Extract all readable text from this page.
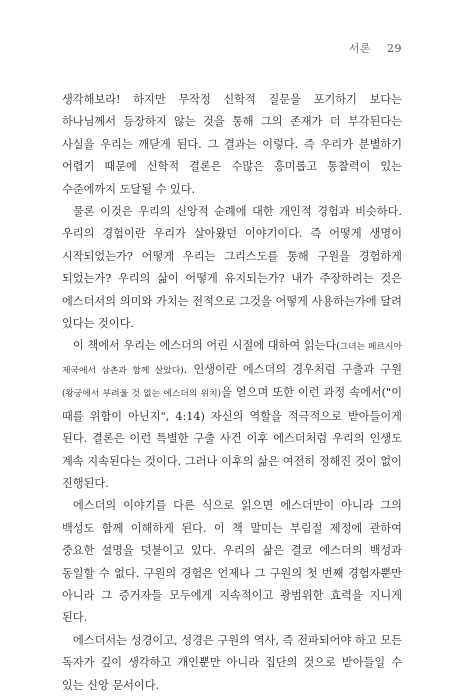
서론 29

생각해보라! 하지만 무작정 신학적 질문을 포기하기 보다는 하나님께서 등장하지 않는 것을 통해 그의 존재가 더 부각된다는 사실을 우리는 깨닫게 된다. 그 결과는 이렇다. 즉 우리가 분별하기 어렵기 때문에 신학적 결론은 수많은 흥미롭고 통찰력이 있는 수준에까지 도달될 수 있다.

물론 이것은 우리의 신앙적 순례에 대한 개인적 경험과 비슷하다. 우리의 경험이란 우리가 살아왔던 이야기이다. 즉 어떻게 생명이 시작되었는가? 어떻게 우리는 그리스도를 통해 구원을 경험하게 되었는가? 우리의 삶이 어떻게 유지되는가? 내가 주장하려는 것은 에스더서의 의미와 가치는 전적으로 그것을 어떻게 사용하는가에 달려 있다는 것이다.

이 책에서 우리는 에스더의 어린 시절에 대하여 읽는다(그녀는 페르시아 제국에서 삼촌과 함께 살았다). 인생이란 에스더의 경우처럼 구출과 구원(왕궁에서 부려울 것 없는 에스더의 위치)을 얻으며 또한 이런 과정 속에서("이 때를 위함이 아닌지", 4:14) 자신의 역할을 적극적으로 받아들이게 된다. 결론은 이런 특별한 구출 사건 이후 에스더처럼 우리의 인생도 계속 지속된다는 것이다. 그러나 이후의 삶은 여전히 정해진 것이 없이 진행된다.

에스더의 이야기를 다른 식으로 읽으면 에스더만이 아니라 그의 백성도 함께 이해하게 된다. 이 책 말미는 부림절 제정에 관하여 중요한 설명을 덧붙이고 있다. 우리의 삶은 결코 에스더의 백성과 동일할 수 없다. 구원의 경험은 언제나 그 구원의 첫 번째 경험자뿐만 아니라 그 증거자들 모두에게 지속적이고 광범위한 효력을 지니게 된다.

에스더서는 성경이고, 성경은 구원의 역사, 즉 전파되어야 하고 모든 독자가 깊이 생각하고 개인뿐만 아니라 집단의 것으로 받아들일 수 있는 신앙 문서이다.
